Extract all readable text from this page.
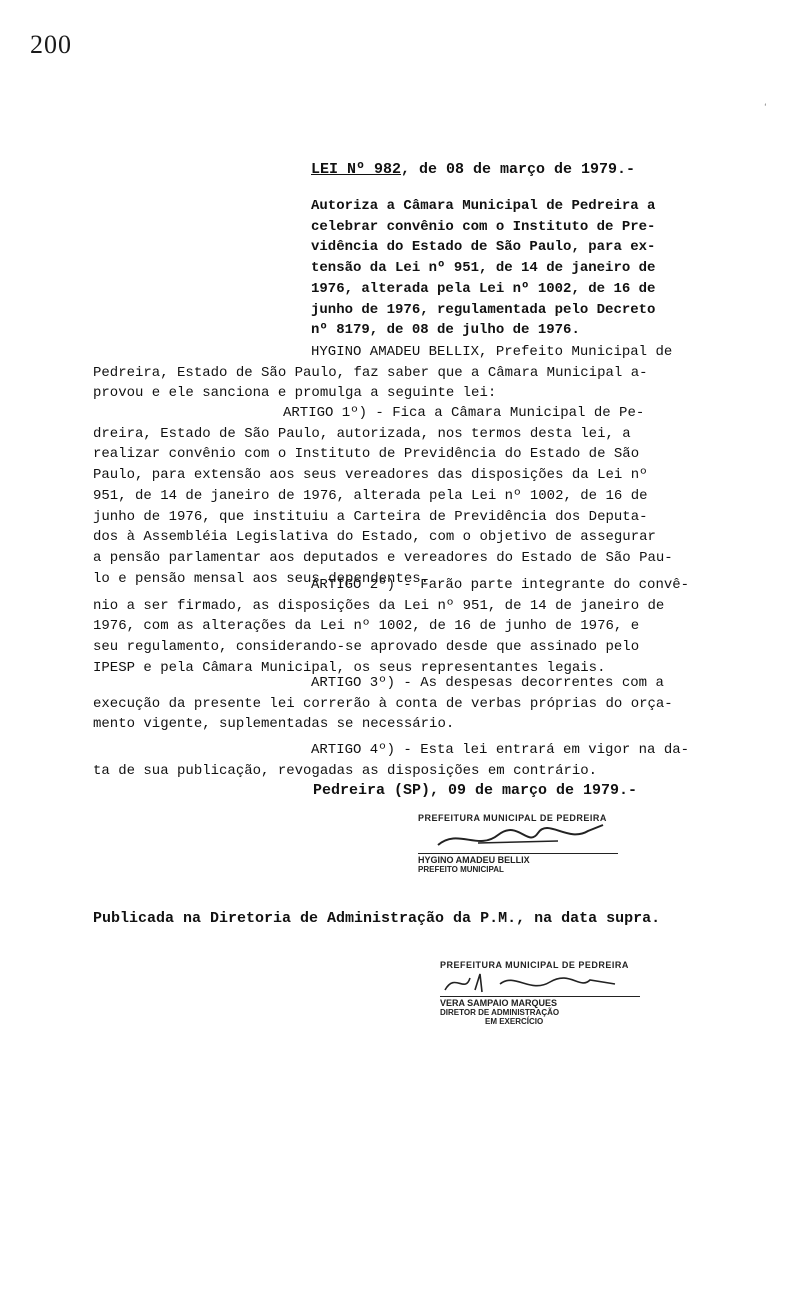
200
ʻ
LEI Nº 982, de 08 de março de 1979.-
Autoriza a Câmara Municipal de Pedreira a
celebrar convênio com o Instituto de Pre-
vidência do Estado de São Paulo, para ex-
tensão da Lei nº 951, de 14 de janeiro de
1976, alterada pela Lei nº 1002, de 16 de
junho de 1976, regulamentada pelo Decreto
nº 8179, de 08 de julho de 1976.
HYGINO AMADEU BELLIX, Prefeito Municipal de
Pedreira, Estado de São Paulo, faz saber que a Câmara Municipal a-
provou e ele sanciona e promulga a seguinte lei:
ARTIGO 1º) - Fica a Câmara Municipal de Pe-
dreira, Estado de São Paulo, autorizada, nos termos desta lei, a
realizar convênio com o Instituto de Previdência do Estado de São
Paulo, para extensão aos seus vereadores das disposições da Lei nº
951, de 14 de janeiro de 1976, alterada pela Lei nº 1002, de 16 de
junho de 1976, que instituiu a Carteira de Previdência dos Deputa-
dos à Assembléia Legislativa do Estado, com o objetivo de assegurar
a pensão parlamentar aos deputados e vereadores do Estado de São Pau-
lo e pensão mensal aos seus dependentes.
ARTIGO 2º) - Farão parte integrante do convê-
nio a ser firmado, as disposições da Lei nº 951, de 14 de janeiro de
1976, com as alterações da Lei nº 1002, de 16 de junho de 1976, e
seu regulamento, considerando-se aprovado desde que assinado pelo
IPESP e pela Câmara Municipal, os seus representantes legais.
ARTIGO 3º) - As despesas decorrentes com a
execução da presente lei correrão à conta de verbas próprias do orça-
mento vigente, suplementadas se necessário.
ARTIGO 4º) - Esta lei entrará em vigor na da-
ta de sua publicação, revogadas as disposições em contrário.
Pedreira (SP), 09 de março de 1979.-
PREFEITURA MUNICIPAL DE PEDREIRA
HYGINO AMADEU BELLIX
PREFEITO MUNICIPAL
Publicada na Diretoria de Administração da P.M., na data supra.
PREFEITURA MUNICIPAL DE PEDREIRA
VERA SAMPAIO MARQUES
DIRETOR DE ADMINISTRAÇÃO
EM EXERCÍCIO
